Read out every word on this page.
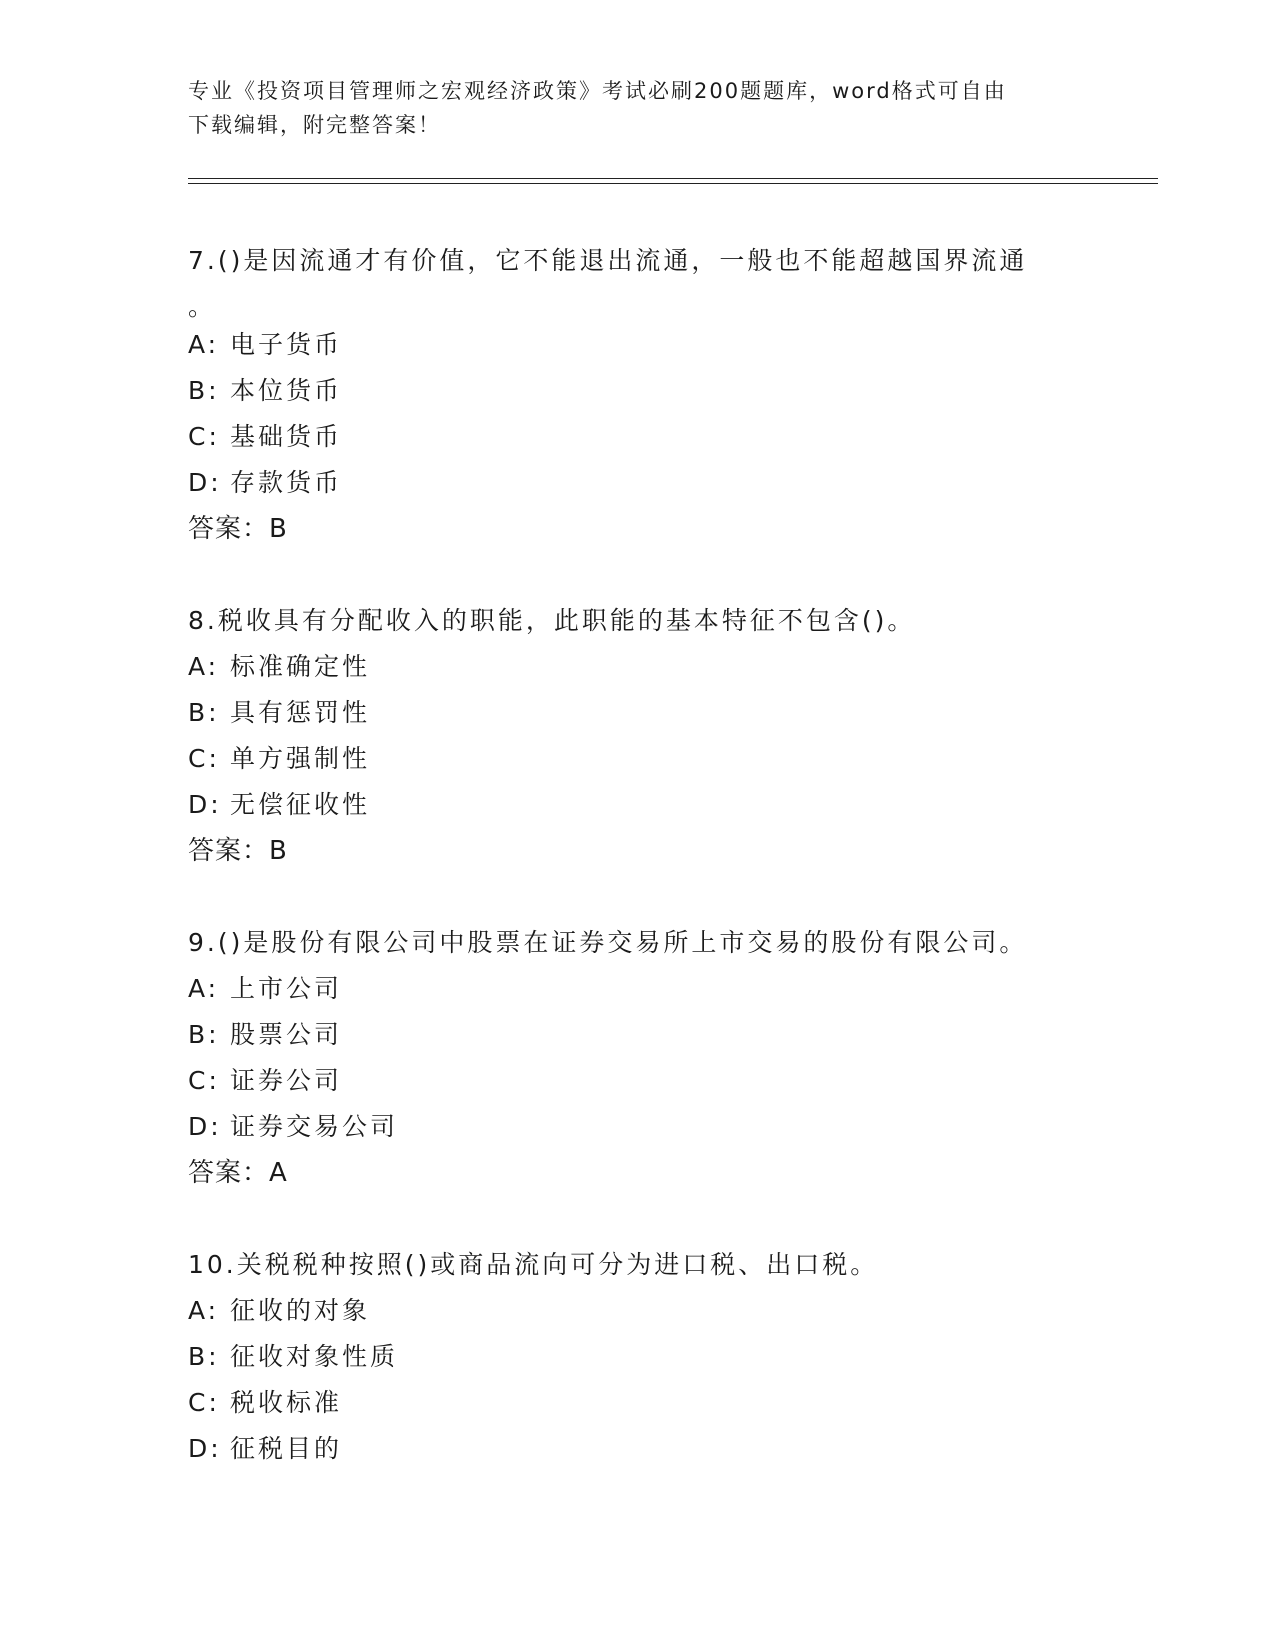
专业《投资项目管理师之宏观经济政策》考试必刷200题题库，word格式可自由
下载编辑，附完整答案！

7.()是因流通才有价值，它不能退出流通，一般也不能超越国界流通

。

A: 电子货币

B: 本位货币

C: 基础货币

D: 存款货币

答案：B

8.税收具有分配收入的职能，此职能的基本特征不包含()。

A: 标准确定性

B: 具有惩罚性

C: 单方强制性

D: 无偿征收性

答案：B

9.()是股份有限公司中股票在证券交易所上市交易的股份有限公司。

A: 上市公司

B: 股票公司

C: 证券公司

D: 证券交易公司

答案：A

10.关税税种按照()或商品流向可分为进口税、出口税。

A: 征收的对象

B: 征收对象性质

C: 税收标准

D: 征税目的
